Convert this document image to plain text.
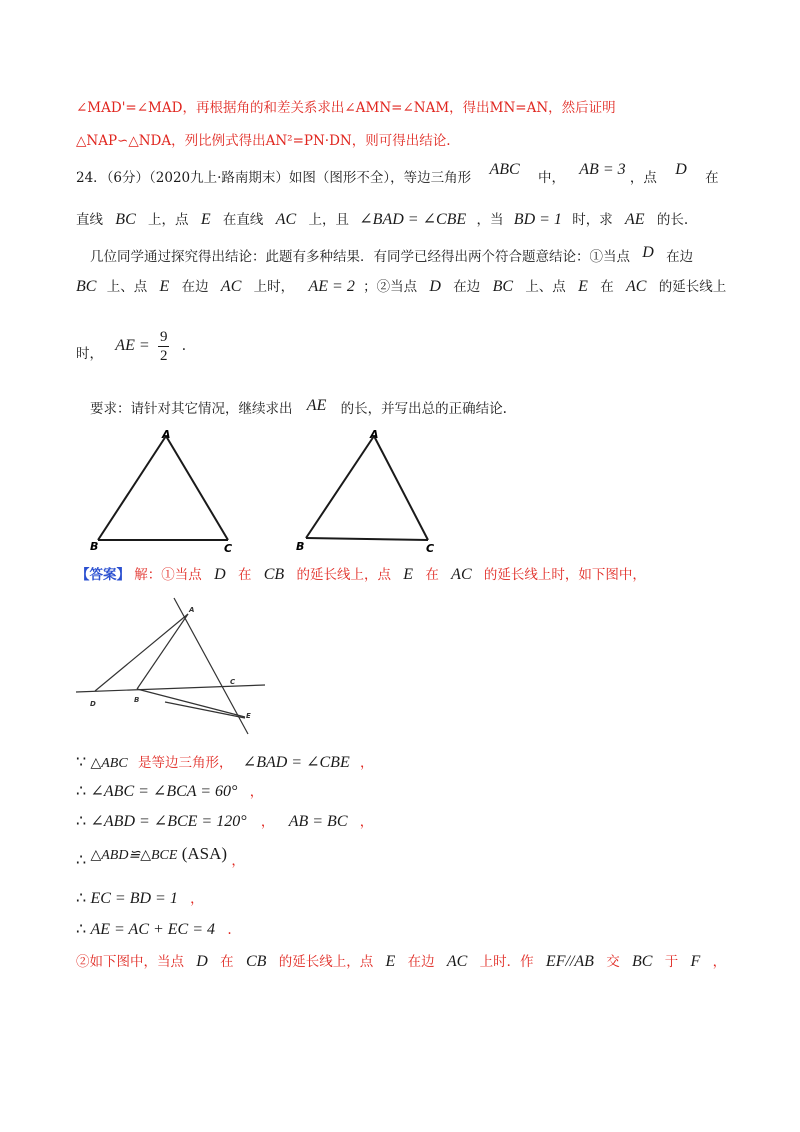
∠MAD'=∠MAD，再根据角的和差关系求出∠AMN=∠NAM，得出MN=AN，然后证明
△NAP∽△NDA，列比例式得出AN²=PN·DN，则可得出结论.
24．（6分）（2020九上·路南期末）如图（图形不全），等边三角形 ABC 中， AB = 3 ，点 D 在
直线 BC 上，点 E 在直线 AC 上，且 ∠BAD = ∠CBE ，当 BD = 1 时，求 AE 的长.
几位同学通过探究得出结论：此题有多种结果．有同学已经得出两个符合题意结论：①当点 D 在边
BC 上、点 E 在边 AC 上时， AE = 2 ；②当点 D 在边 BC 上、点 E 在 AC 的延长线上
时， AE = $\frac{9}{2}$ .
要求：请针对其它情况，继续求出 AE 的长，并写出总的正确结论.
A
B	C
A
B	C
【答案】 解：①当点 D 在 CB 的延长线上，点 E 在 AC 的延长线上时，如下图中，
A
B
C
D
E
∵ △ABC 是等边三角形， ∠BAD = ∠CBE ，
∴ ∠ABC = ∠BCA = 60° ，
∴ ∠ABD = ∠BCE = 120° ， AB = BC ，
∴ △ABD≌△BCE (ASA) ，
∴ EC = BD = 1 ，
∴ AE = AC + EC = 4 .
②如下图中，当点 D 在 CB 的延长线上，点 E 在边 AC 上时．作 EF//AB 交 BC 于 F ，
